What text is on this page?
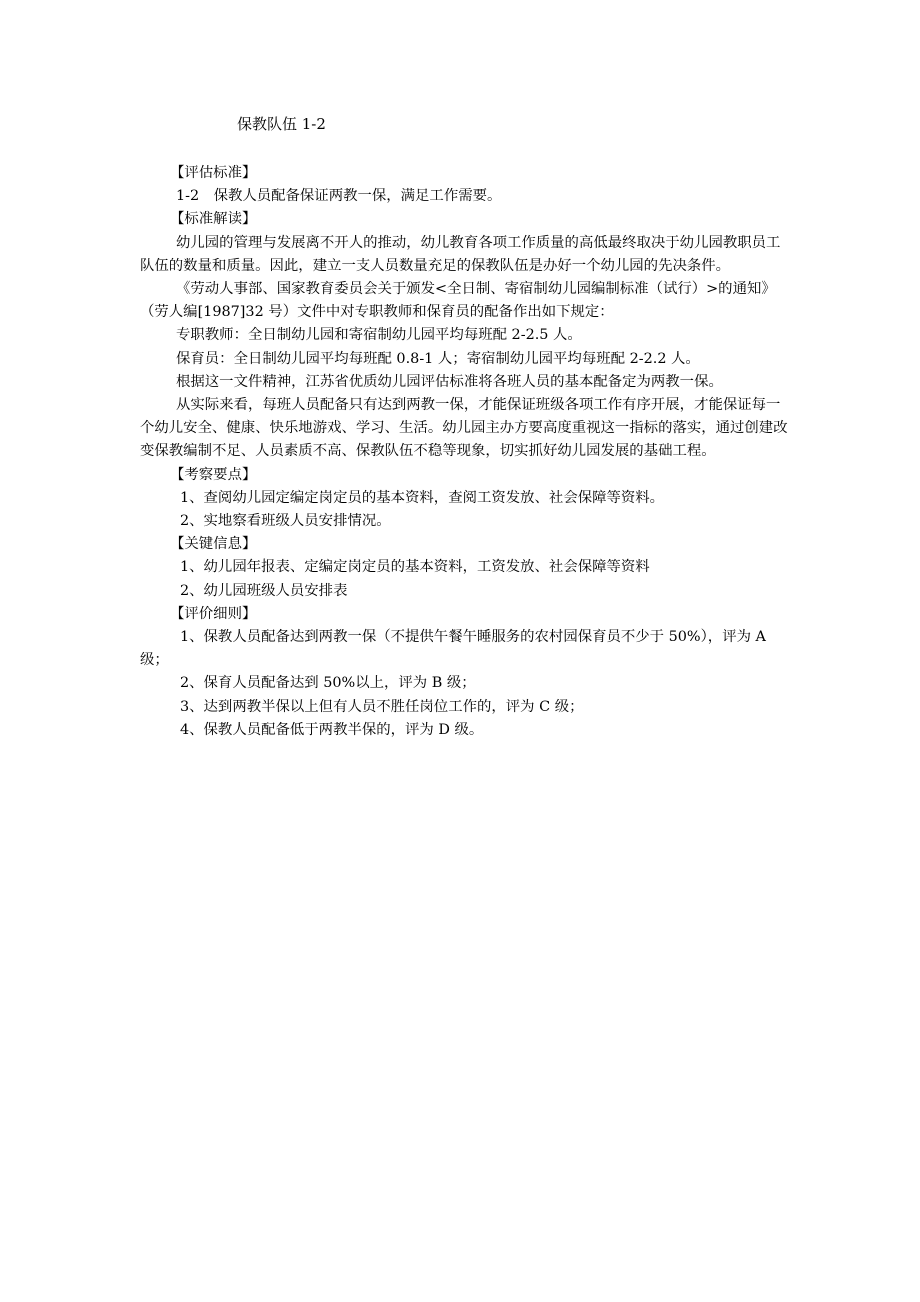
保教队伍 1-2

【评估标准】

1-2　保教人员配备保证两教一保，满足工作需要。

【标准解读】

幼儿园的管理与发展离不开人的推动，幼儿教育各项工作质量的高低最终取决于幼儿园教职员工队伍的数量和质量。因此，建立一支人员数量充足的保教队伍是办好一个幼儿园的先决条件。

《劳动人事部、国家教育委员会关于颁发<全日制、寄宿制幼儿园编制标准（试行）>的通知》（劳人编[1987]32 号）文件中对专职教师和保育员的配备作出如下规定：

专职教师：全日制幼儿园和寄宿制幼儿园平均每班配 2-2.5 人。

保育员：全日制幼儿园平均每班配 0.8-1 人；寄宿制幼儿园平均每班配 2-2.2 人。

根据这一文件精神，江苏省优质幼儿园评估标准将各班人员的基本配备定为两教一保。

从实际来看，每班人员配备只有达到两教一保，才能保证班级各项工作有序开展，才能保证每一个幼儿安全、健康、快乐地游戏、学习、生活。幼儿园主办方要高度重视这一指标的落实，通过创建改变保教编制不足、人员素质不高、保教队伍不稳等现象，切实抓好幼儿园发展的基础工程。

【考察要点】

1、查阅幼儿园定编定岗定员的基本资料，查阅工资发放、社会保障等资料。

2、实地察看班级人员安排情况。

【关键信息】

1、幼儿园年报表、定编定岗定员的基本资料，工资发放、社会保障等资料

2、幼儿园班级人员安排表

【评价细则】

1、保教人员配备达到两教一保（不提供午餐午睡服务的农村园保育员不少于 50%），评为 A 级；

2、保育人员配备达到 50%以上，评为 B 级；

3、达到两教半保以上但有人员不胜任岗位工作的，评为 C 级；

4、保教人员配备低于两教半保的，评为 D 级。
